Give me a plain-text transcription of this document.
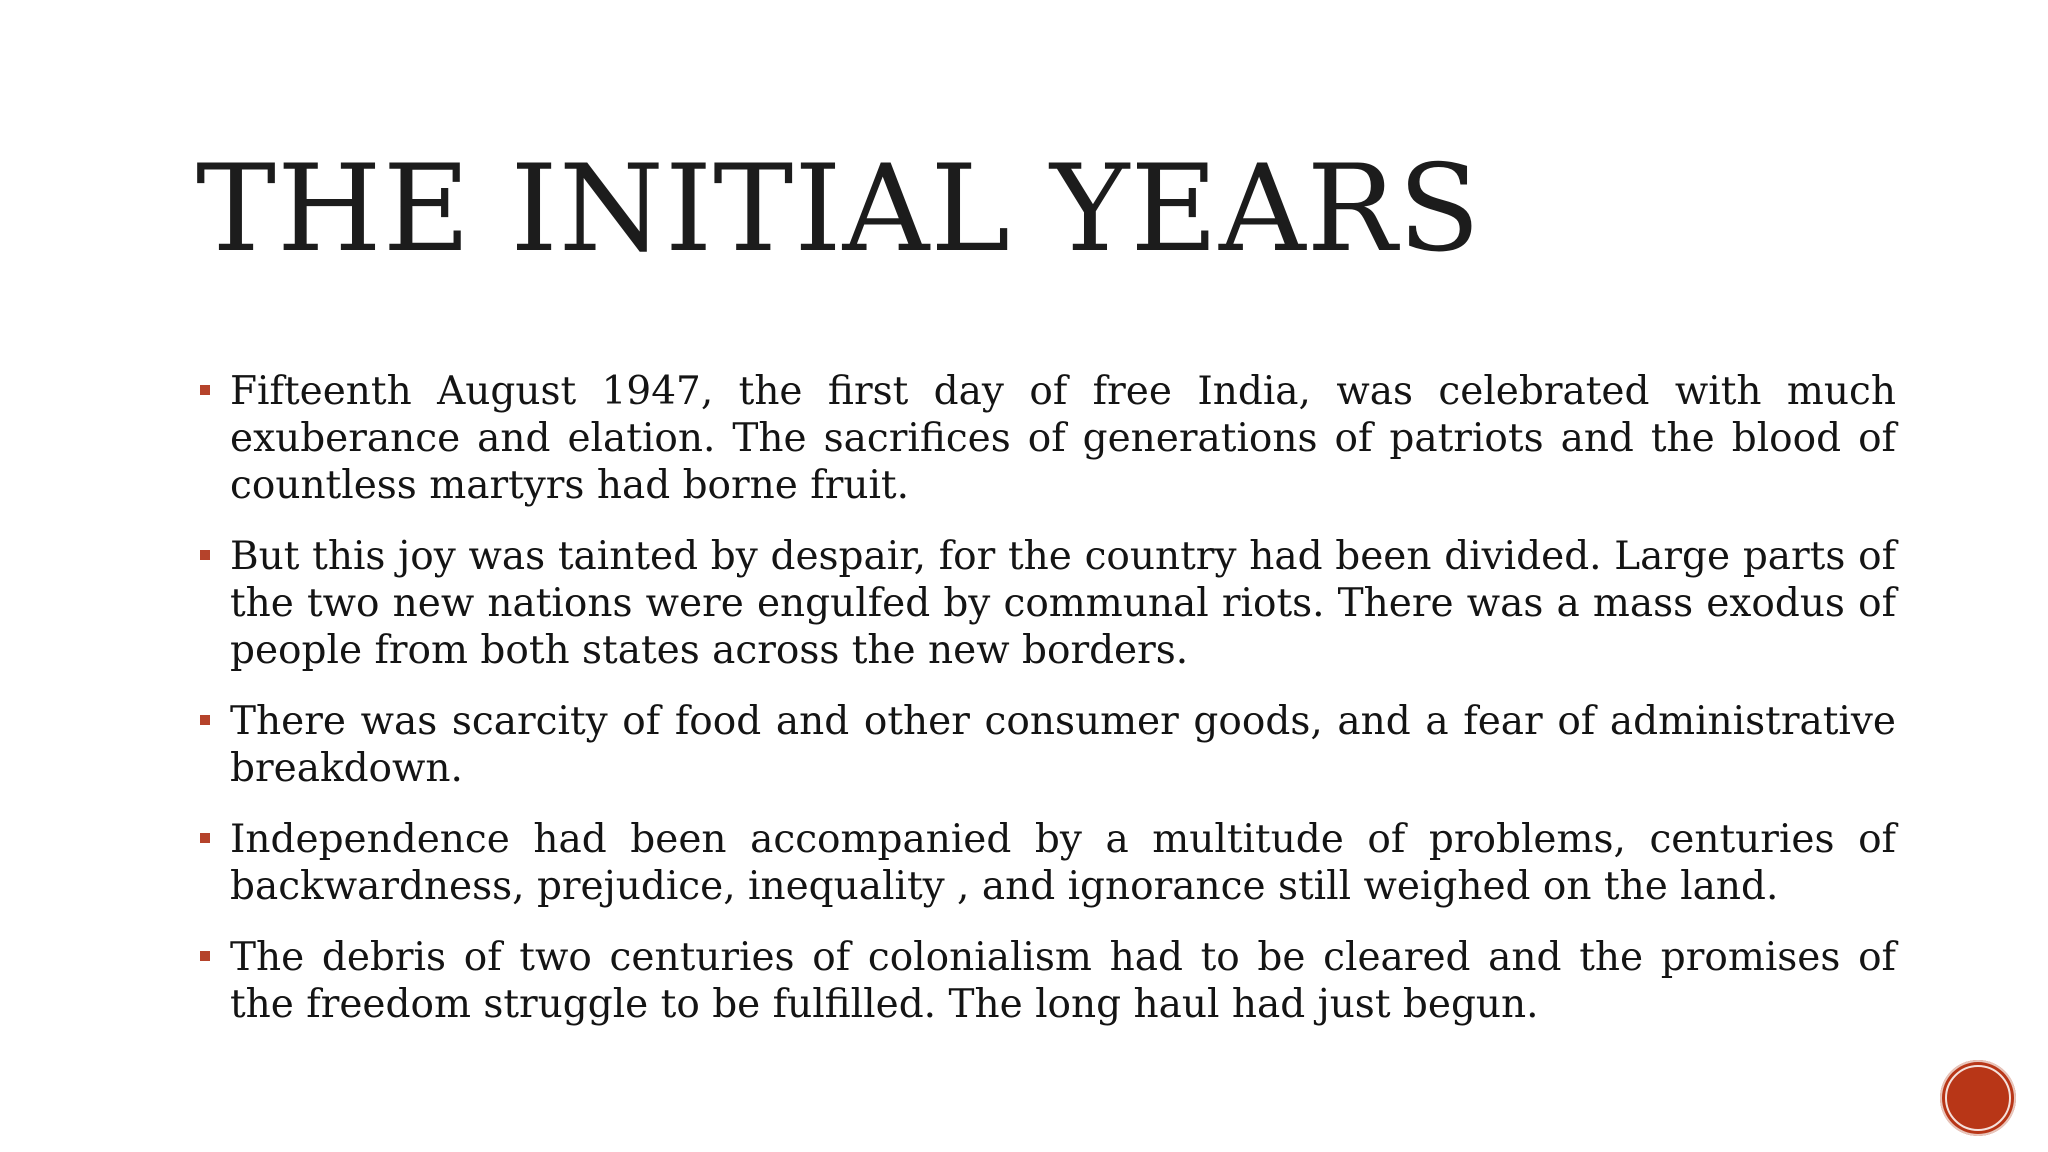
THE INITIAL YEARS
Fifteenth August 1947, the first day of free India, was celebrated with much exuberance and elation. The sacrifices of generations of patriots and the blood of countless martyrs had borne fruit.
But this joy was tainted by despair, for the country had been divided. Large parts of the two new nations were engulfed by communal riots. There was a mass exodus of people from both states across the new borders.
There was scarcity of food and other consumer goods, and a fear of administrative breakdown.
Independence had been accompanied by a multitude of problems, centuries of backwardness, prejudice, inequality , and ignorance still weighed on the land.
The debris of two centuries of colonialism had to be cleared and the promises of the freedom struggle to be fulfilled. The long haul had just begun.
